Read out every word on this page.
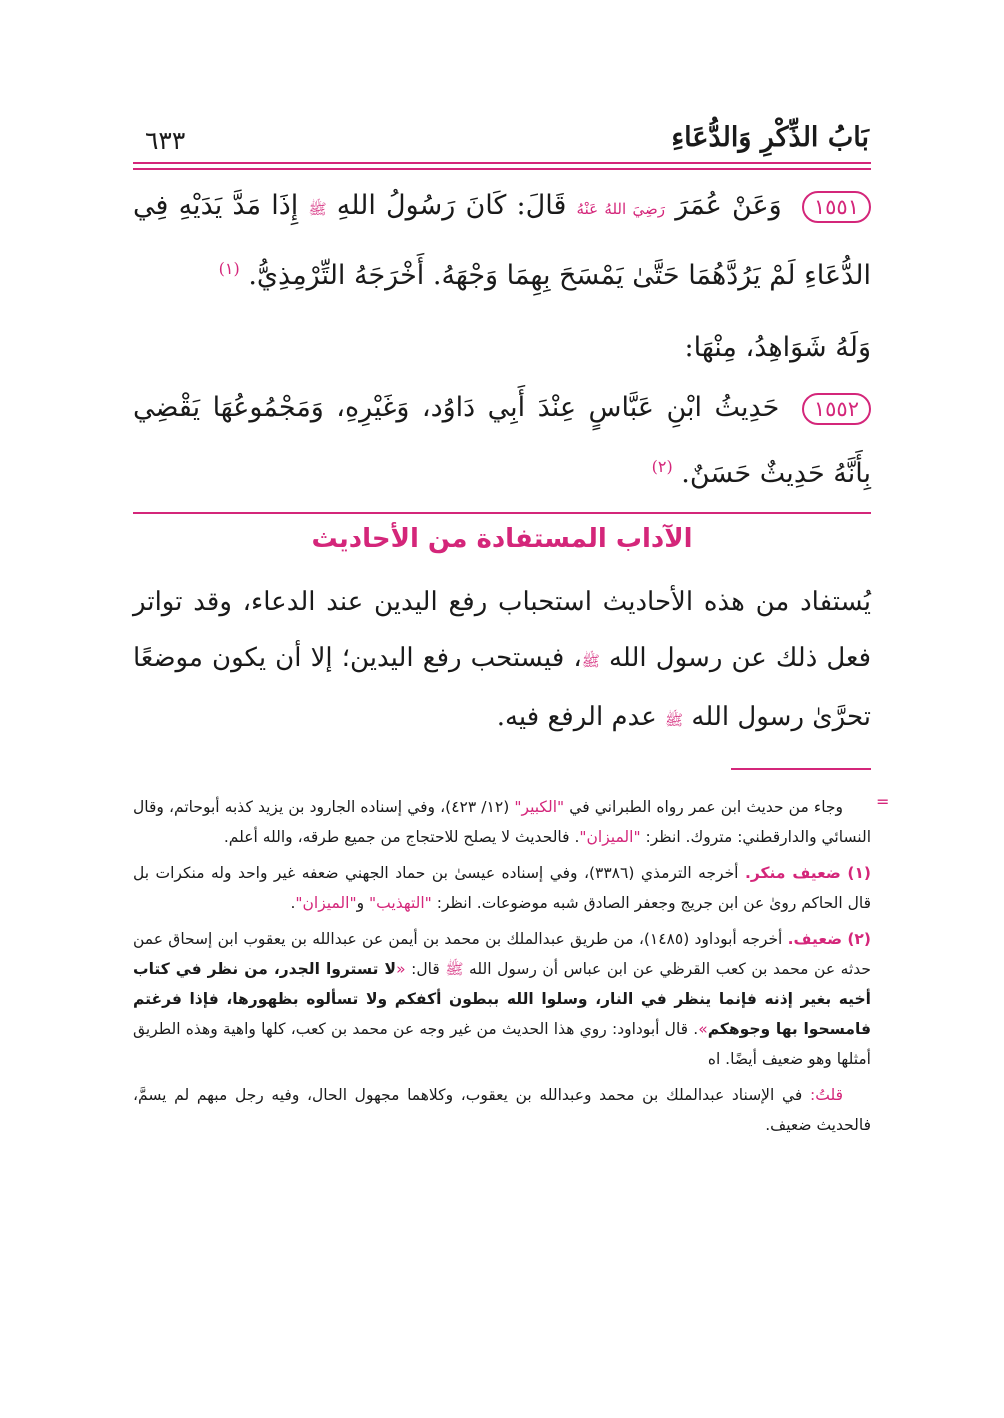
بَابُ الذِّكْرِ وَالدُّعَاءِ
٦٣٣

١٥٥١ وَعَنْ عُمَرَ رَضِيَ اللهُ عَنْهُ قَالَ: كَانَ رَسُولُ اللهِ ﷺ إِذَا مَدَّ يَدَيْهِ فِي الدُّعَاءِ لَمْ يَرُدَّهُمَا حَتَّىٰ يَمْسَحَ بِهِمَا وَجْهَهُ. أَخْرَجَهُ التِّرْمِذِيُّ. $^{(١)}$

وَلَهُ شَوَاهِدُ، مِنْهَا:

١٥٥٢ حَدِيثُ ابْنِ عَبَّاسٍ عِنْدَ أَبِي دَاوُد، وَغَيْرِهِ، وَمَجْمُوعُهَا يَقْضِي بِأَنَّهُ حَدِيثٌ حَسَنٌ. $^{(٢)}$

الآداب المستفادة من الأحاديث

يُستفاد من هذه الأحاديث استحباب رفع اليدين عند الدعاء، وقد تواتر فعل ذلك عن رسول الله ﷺ، فيستحب رفع اليدين؛ إلا أن يكون موضعًا تحرَّىٰ رسول الله ﷺ عدم الرفع فيه.

=

وجاء من حديث ابن عمر رواه الطبراني في "الكبير" (١٢/ ٤٢٣)، وفي إسناده الجارود بن يزيد كذبه أبوحاتم، وقال النسائي والدارقطني: متروك. انظر: "الميزان". فالحديث لا يصلح للاحتجاج من جميع طرقه، والله أعلم.

(١) ضعيف منكر. أخرجه الترمذي (٣٣٨٦)، وفي إسناده عيسىٰ بن حماد الجهني ضعفه غير واحد وله منكرات بل قال الحاكم روىٰ عن ابن جريج وجعفر الصادق شبه موضوعات. انظر: "التهذيب" و"الميزان".

(٢) ضعيف. أخرجه أبوداود (١٤٨٥)، من طريق عبدالملك بن محمد بن أيمن عن عبدالله بن يعقوب ابن إسحاق عمن حدثه عن محمد بن كعب القرظي عن ابن عباس أن رسول الله ﷺ قال: «لا تستروا الجدر، من نظر في كتاب أخيه بغير إذنه فإنما ينظر في النار، وسلوا الله ببطون أكفكم ولا تسألوه بظهورها، فإذا فرغتم فامسحوا بها وجوهكم». قال أبوداود: روي هذا الحديث من غير وجه عن محمد بن كعب، كلها واهية وهذه الطريق أمثلها وهو ضعيف أيضًا. اه

قلتُ: في الإسناد عبدالملك بن محمد وعبدالله بن يعقوب، وكلاهما مجهول الحال، وفيه رجل مبهم لم يسمَّ، فالحديث ضعيف.
